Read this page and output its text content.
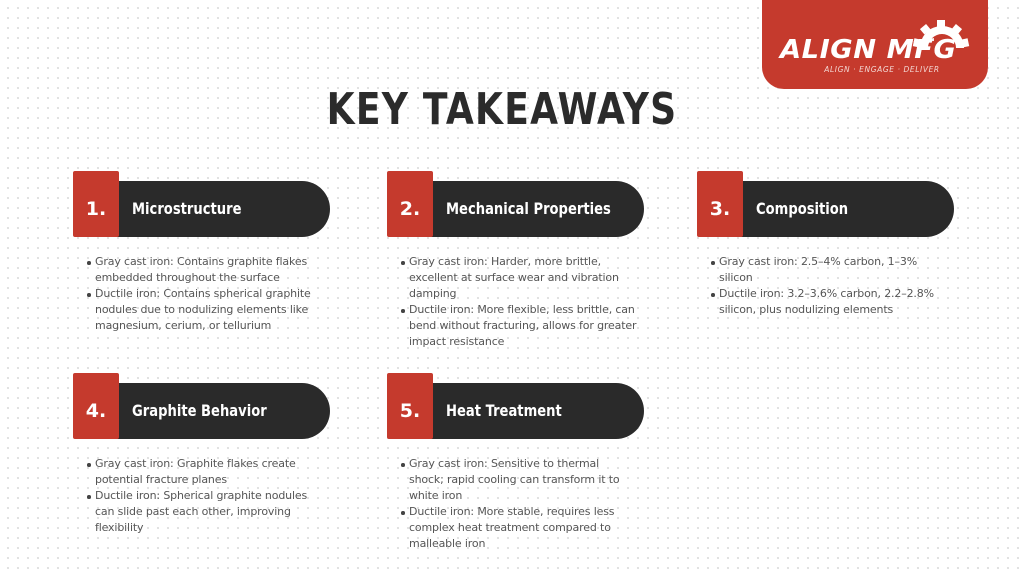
ALIGN MFG
ALIGN · ENGAGE · DELIVER
KEY TAKEAWAYS
1.	Microstructure
Gray cast iron: Contains graphite flakes embedded throughout the surface
Ductile iron: Contains spherical graphite nodules due to nodulizing elements like magnesium, cerium, or tellurium
2.	Mechanical Properties
Gray cast iron: Harder, more brittle, excellent at surface wear and vibration damping
Ductile iron: More flexible, less brittle, can bend without fracturing, allows for greater impact resistance
3.	Composition
Gray cast iron: 2.5–4% carbon, 1–3% silicon
Ductile iron: 3.2–3.6% carbon, 2.2–2.8% silicon, plus nodulizing elements
4.	Graphite Behavior
Gray cast iron: Graphite flakes create potential fracture planes
Ductile iron: Spherical graphite nodules can slide past each other, improving flexibility
5.	Heat Treatment
Gray cast iron: Sensitive to thermal shock; rapid cooling can transform it to white iron
Ductile iron: More stable, requires less complex heat treatment compared to malleable iron
